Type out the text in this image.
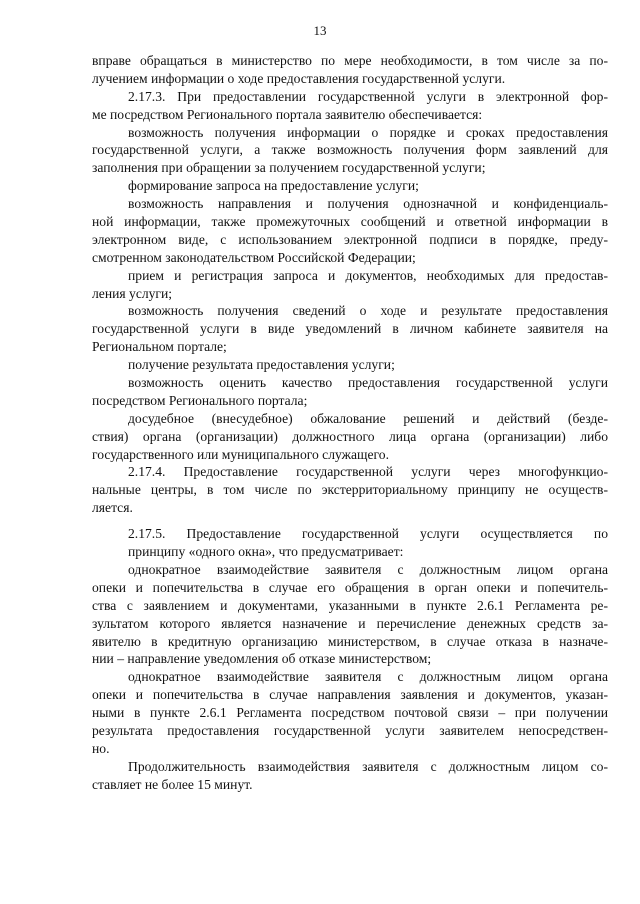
13
вправе обращаться в министерство по мере необходимости, в том числе за по-
лучением информации о ходе предоставления государственной услуги.
2.17.3. При предоставлении государственной услуги в электронной фор-
ме посредством Регионального портала заявителю обеспечивается:
возможность получения информации о порядке и сроках предоставления
государственной услуги, а также возможность получения форм заявлений для
заполнения при обращении за получением государственной услуги;
формирование запроса на предоставление услуги;
возможность направления и получения однозначной и конфиденциаль-
ной информации, также промежуточных сообщений и ответной информации в
электронном виде, с использованием электронной подписи в порядке, преду-
смотренном законодательством Российской Федерации;
прием и регистрация запроса и документов, необходимых для предостав-
ления услуги;
возможность получения сведений о ходе и результате предоставления
государственной услуги в виде уведомлений в личном кабинете заявителя на
Региональном портале;
получение результата предоставления услуги;
возможность оценить качество предоставления государственной услуги
посредством Регионального портала;
досудебное (внесудебное) обжалование решений и действий (безде-
ствия) органа (организации) должностного лица органа (организации) либо
государственного или муниципального служащего.
2.17.4. Предоставление государственной услуги через многофункцио-
нальные центры, в том числе по экстерриториальному принципу не осуществ-
ляется.
2.17.5. Предоставление государственной услуги осуществляется по
принципу «одного окна», что предусматривает:
однократное взаимодействие заявителя с должностным лицом органа
опеки и попечительства в случае его обращения в орган опеки и попечитель-
ства с заявлением и документами, указанными в пункте 2.6.1 Регламента ре-
зультатом которого является назначение и перечисление денежных средств за-
явителю в кредитную организацию министерством, в случае отказа в назначе-
нии – направление уведомления об отказе министерством;
однократное взаимодействие заявителя с должностным лицом органа
опеки и попечительства в случае направления заявления и документов, указан-
ными в пункте 2.6.1 Регламента посредством почтовой связи – при получении
результата предоставления государственной услуги заявителем непосредствен-
но.
Продолжительность взаимодействия заявителя с должностным лицом со-
ставляет не более 15 минут.
